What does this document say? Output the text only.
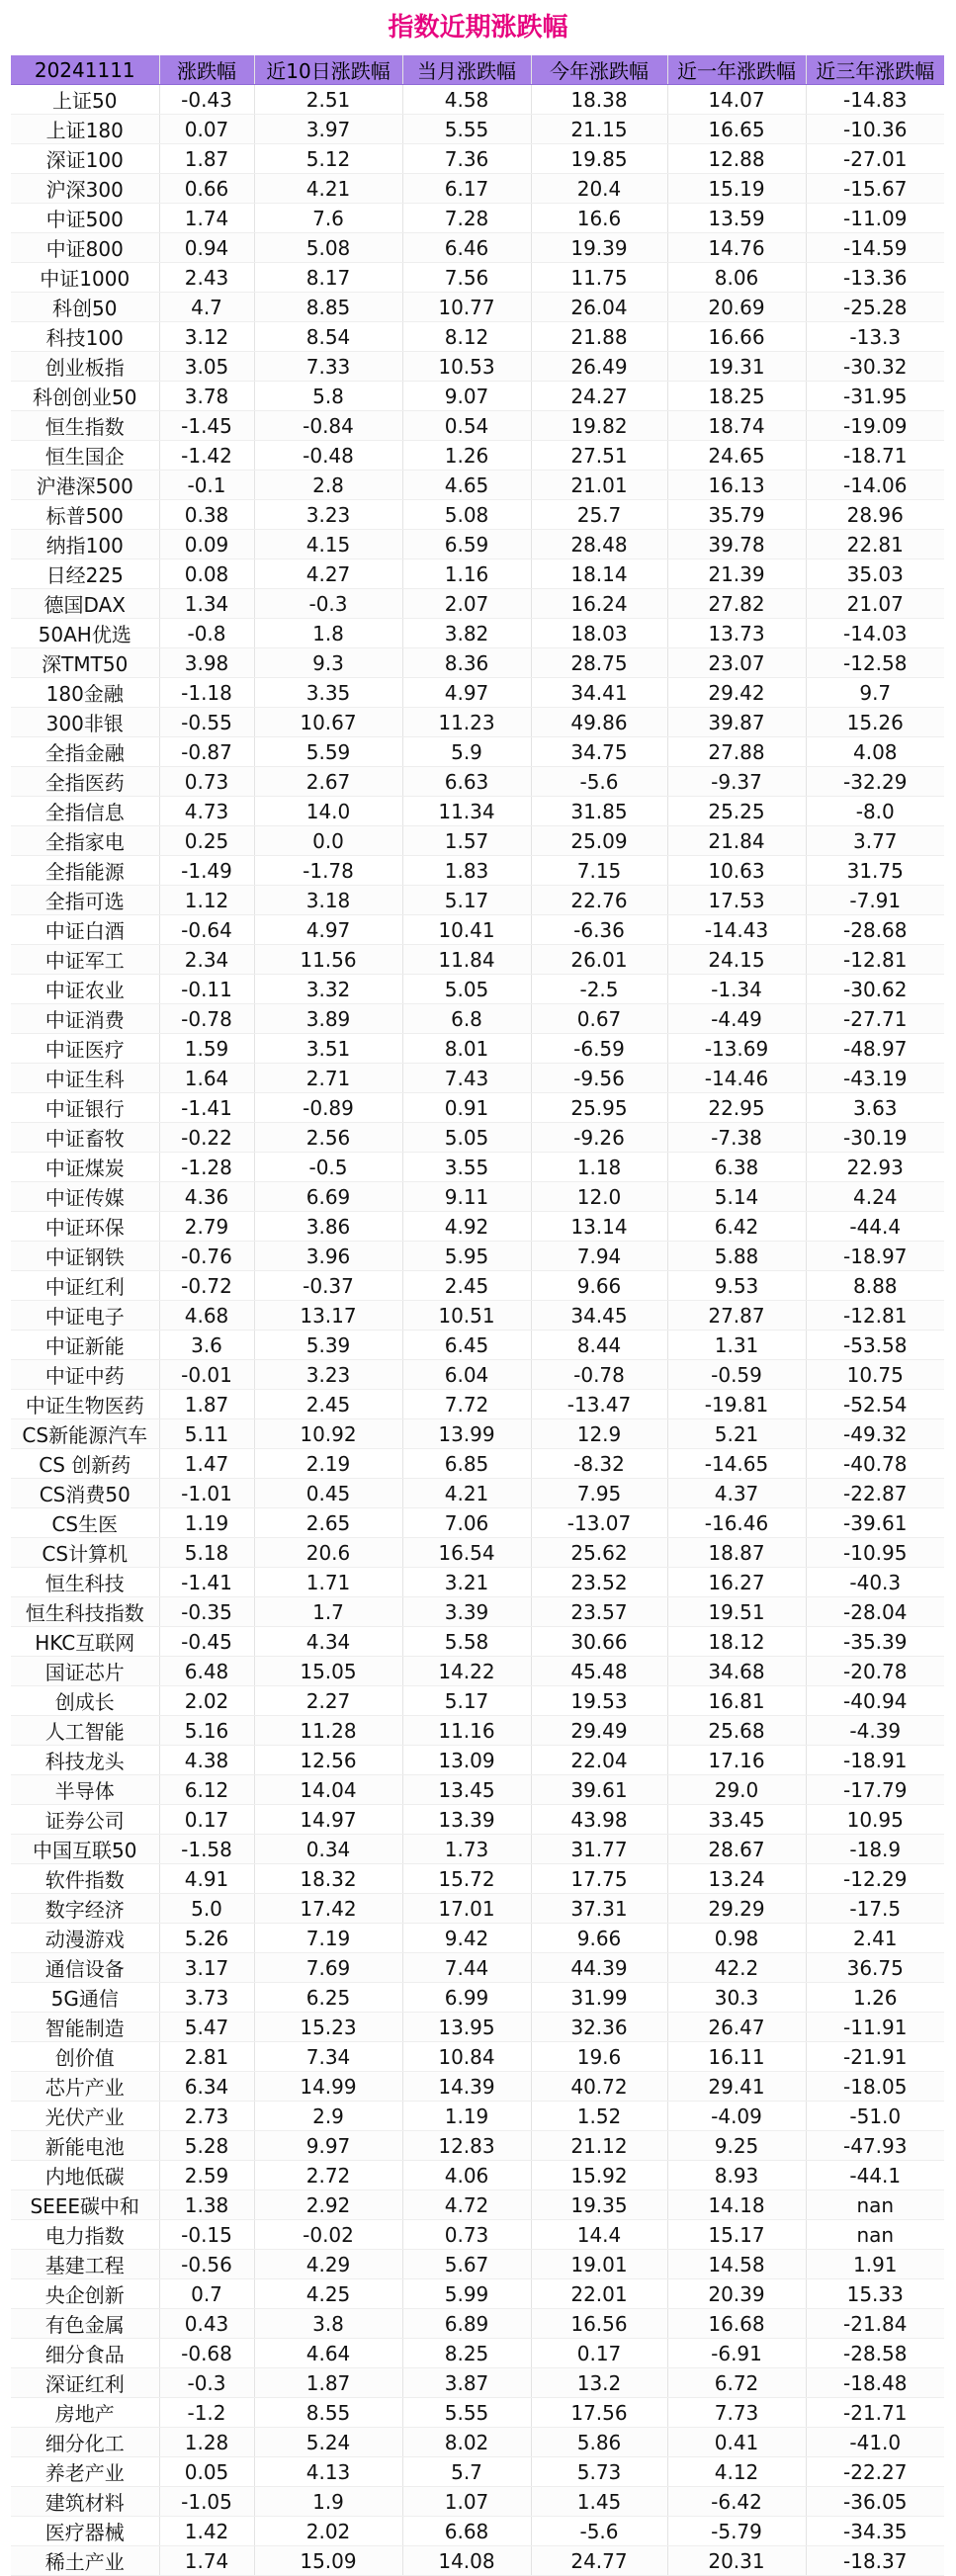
指数近期涨跌幅
20241111	涨跌幅	近10日涨跌幅	当月涨跌幅	今年涨跌幅	近一年涨跌幅	近三年涨跌幅
上证50	-0.43	2.51	4.58	18.38	14.07	-14.83
上证180	0.07	3.97	5.55	21.15	16.65	-10.36
深证100	1.87	5.12	7.36	19.85	12.88	-27.01
沪深300	0.66	4.21	6.17	20.4	15.19	-15.67
中证500	1.74	7.6	7.28	16.6	13.59	-11.09
中证800	0.94	5.08	6.46	19.39	14.76	-14.59
中证1000	2.43	8.17	7.56	11.75	8.06	-13.36
科创50	4.7	8.85	10.77	26.04	20.69	-25.28
科技100	3.12	8.54	8.12	21.88	16.66	-13.3
创业板指	3.05	7.33	10.53	26.49	19.31	-30.32
科创创业50	3.78	5.8	9.07	24.27	18.25	-31.95
恒生指数	-1.45	-0.84	0.54	19.82	18.74	-19.09
恒生国企	-1.42	-0.48	1.26	27.51	24.65	-18.71
沪港深500	-0.1	2.8	4.65	21.01	16.13	-14.06
标普500	0.38	3.23	5.08	25.7	35.79	28.96
纳指100	0.09	4.15	6.59	28.48	39.78	22.81
日经225	0.08	4.27	1.16	18.14	21.39	35.03
德国DAX	1.34	-0.3	2.07	16.24	27.82	21.07
50AH优选	-0.8	1.8	3.82	18.03	13.73	-14.03
深TMT50	3.98	9.3	8.36	28.75	23.07	-12.58
180金融	-1.18	3.35	4.97	34.41	29.42	9.7
300非银	-0.55	10.67	11.23	49.86	39.87	15.26
全指金融	-0.87	5.59	5.9	34.75	27.88	4.08
全指医药	0.73	2.67	6.63	-5.6	-9.37	-32.29
全指信息	4.73	14.0	11.34	31.85	25.25	-8.0
全指家电	0.25	0.0	1.57	25.09	21.84	3.77
全指能源	-1.49	-1.78	1.83	7.15	10.63	31.75
全指可选	1.12	3.18	5.17	22.76	17.53	-7.91
中证白酒	-0.64	4.97	10.41	-6.36	-14.43	-28.68
中证军工	2.34	11.56	11.84	26.01	24.15	-12.81
中证农业	-0.11	3.32	5.05	-2.5	-1.34	-30.62
中证消费	-0.78	3.89	6.8	0.67	-4.49	-27.71
中证医疗	1.59	3.51	8.01	-6.59	-13.69	-48.97
中证生科	1.64	2.71	7.43	-9.56	-14.46	-43.19
中证银行	-1.41	-0.89	0.91	25.95	22.95	3.63
中证畜牧	-0.22	2.56	5.05	-9.26	-7.38	-30.19
中证煤炭	-1.28	-0.5	3.55	1.18	6.38	22.93
中证传媒	4.36	6.69	9.11	12.0	5.14	4.24
中证环保	2.79	3.86	4.92	13.14	6.42	-44.4
中证钢铁	-0.76	3.96	5.95	7.94	5.88	-18.97
中证红利	-0.72	-0.37	2.45	9.66	9.53	8.88
中证电子	4.68	13.17	10.51	34.45	27.87	-12.81
中证新能	3.6	5.39	6.45	8.44	1.31	-53.58
中证中药	-0.01	3.23	6.04	-0.78	-0.59	10.75
中证生物医药	1.87	2.45	7.72	-13.47	-19.81	-52.54
CS新能源汽车	5.11	10.92	13.99	12.9	5.21	-49.32
CS 创新药	1.47	2.19	6.85	-8.32	-14.65	-40.78
CS消费50	-1.01	0.45	4.21	7.95	4.37	-22.87
CS生医	1.19	2.65	7.06	-13.07	-16.46	-39.61
CS计算机	5.18	20.6	16.54	25.62	18.87	-10.95
恒生科技	-1.41	1.71	3.21	23.52	16.27	-40.3
恒生科技指数	-0.35	1.7	3.39	23.57	19.51	-28.04
HKC互联网	-0.45	4.34	5.58	30.66	18.12	-35.39
国证芯片	6.48	15.05	14.22	45.48	34.68	-20.78
创成长	2.02	2.27	5.17	19.53	16.81	-40.94
人工智能	5.16	11.28	11.16	29.49	25.68	-4.39
科技龙头	4.38	12.56	13.09	22.04	17.16	-18.91
半导体	6.12	14.04	13.45	39.61	29.0	-17.79
证券公司	0.17	14.97	13.39	43.98	33.45	10.95
中国互联50	-1.58	0.34	1.73	31.77	28.67	-18.9
软件指数	4.91	18.32	15.72	17.75	13.24	-12.29
数字经济	5.0	17.42	17.01	37.31	29.29	-17.5
动漫游戏	5.26	7.19	9.42	9.66	0.98	2.41
通信设备	3.17	7.69	7.44	44.39	42.2	36.75
5G通信	3.73	6.25	6.99	31.99	30.3	1.26
智能制造	5.47	15.23	13.95	32.36	26.47	-11.91
创价值	2.81	7.34	10.84	19.6	16.11	-21.91
芯片产业	6.34	14.99	14.39	40.72	29.41	-18.05
光伏产业	2.73	2.9	1.19	1.52	-4.09	-51.0
新能电池	5.28	9.97	12.83	21.12	9.25	-47.93
内地低碳	2.59	2.72	4.06	15.92	8.93	-44.1
SEEE碳中和	1.38	2.92	4.72	19.35	14.18	nan
电力指数	-0.15	-0.02	0.73	14.4	15.17	nan
基建工程	-0.56	4.29	5.67	19.01	14.58	1.91
央企创新	0.7	4.25	5.99	22.01	20.39	15.33
有色金属	0.43	3.8	6.89	16.56	16.68	-21.84
细分食品	-0.68	4.64	8.25	0.17	-6.91	-28.58
深证红利	-0.3	1.87	3.87	13.2	6.72	-18.48
房地产	-1.2	8.55	5.55	17.56	7.73	-21.71
细分化工	1.28	5.24	8.02	5.86	0.41	-41.0
养老产业	0.05	4.13	5.7	5.73	4.12	-22.27
建筑材料	-1.05	1.9	1.07	1.45	-6.42	-36.05
医疗器械	1.42	2.02	6.68	-5.6	-5.79	-34.35
稀土产业	1.74	15.09	14.08	24.77	20.31	-18.37
